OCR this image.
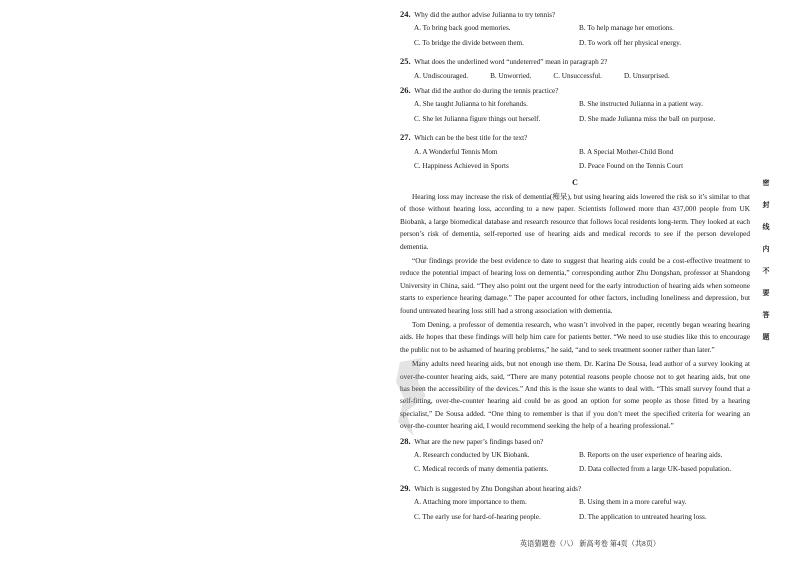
24. Why did the author advise Julianna to try tennis?
A. To bring back good memories.	B. To help manage her emotions.
C. To bridge the divide between them.	D. To work off her physical energy.
25. What does the underlined word “undeterred” mean in paragraph 2?
A. Undiscouraged.	B. Unworried.	C. Unsuccessful.	D. Unsurprised.
26. What did the author do during the tennis practice?
A. She taught Julianna to hit forehands.	B. She instructed Julianna in a patient way.
C. She let Julianna figure things out herself.	D. She made Julianna miss the ball on purpose.
27. Which can be the best title for the text?
A. A Wonderful Tennis Mom	B. A Special Mother-Child Bond
C. Happiness Achieved in Sports	D. Peace Found on the Tennis Court
C

Hearing loss may increase the risk of dementia(痴呆), but using hearing aids lowered the risk so it’s similar to that of those without hearing loss, according to a new paper. Scientists followed more than 437,000 people from UK Biobank, a large biomedical database and research resource that follows local residents long-term. They looked at each person’s risk of dementia, self-reported use of hearing aids and medical records to see if the person developed dementia.

“Our findings provide the best evidence to date to suggest that hearing aids could be a cost-effective treatment to reduce the potential impact of hearing loss on dementia,” corresponding author Zhu Dongshan, professor at Shandong University in China, said. “They also point out the urgent need for the early introduction of hearing aids when someone starts to experience hearing damage.” The paper accounted for other factors, including loneliness and depression, but found untreated hearing loss still had a strong association with dementia.

Tom Dening, a professor of dementia research, who wasn’t involved in the paper, recently began wearing hearing aids. He hopes that these findings will help him care for patients better. “We need to use studies like this to encourage the public not to be ashamed of hearing problems,” he said, “and to seek treatment sooner rather than later.”

Many adults need hearing aids, but not enough use them. Dr. Karina De Sousa, lead author of a survey looking at over-the-counter hearing aids, said, “There are many potential reasons people choose not to get hearing aids, but one has been the accessibility of the devices.” And this is the issue she wants to deal with. “This small survey found that a self-fitting, over-the-counter hearing aid could be as good an option for some people as those fitted by a hearing specialist,” De Sousa added. “One thing to remember is that if you don’t meet the specified criteria for wearing an over-the-counter hearing aid, I would recommend seeking the help of a hearing professional.”

28. What are the new paper’s findings based on?
A. Research conducted by UK Biobank.	B. Reports on the user experience of hearing aids.
C. Medical records of many dementia patients.	D. Data collected from a large UK-based population.
29. Which is suggested by Zhu Dongshan about hearing aids?
A. Attaching more importance to them.	B. Using them in a more careful way.
C. The early use for hard-of-hearing people.	D. The application to untreated hearing loss.
密
封
线
内
不
要
答
题
英语猜题卷（八） 新高考卷 第4页（共8页）
